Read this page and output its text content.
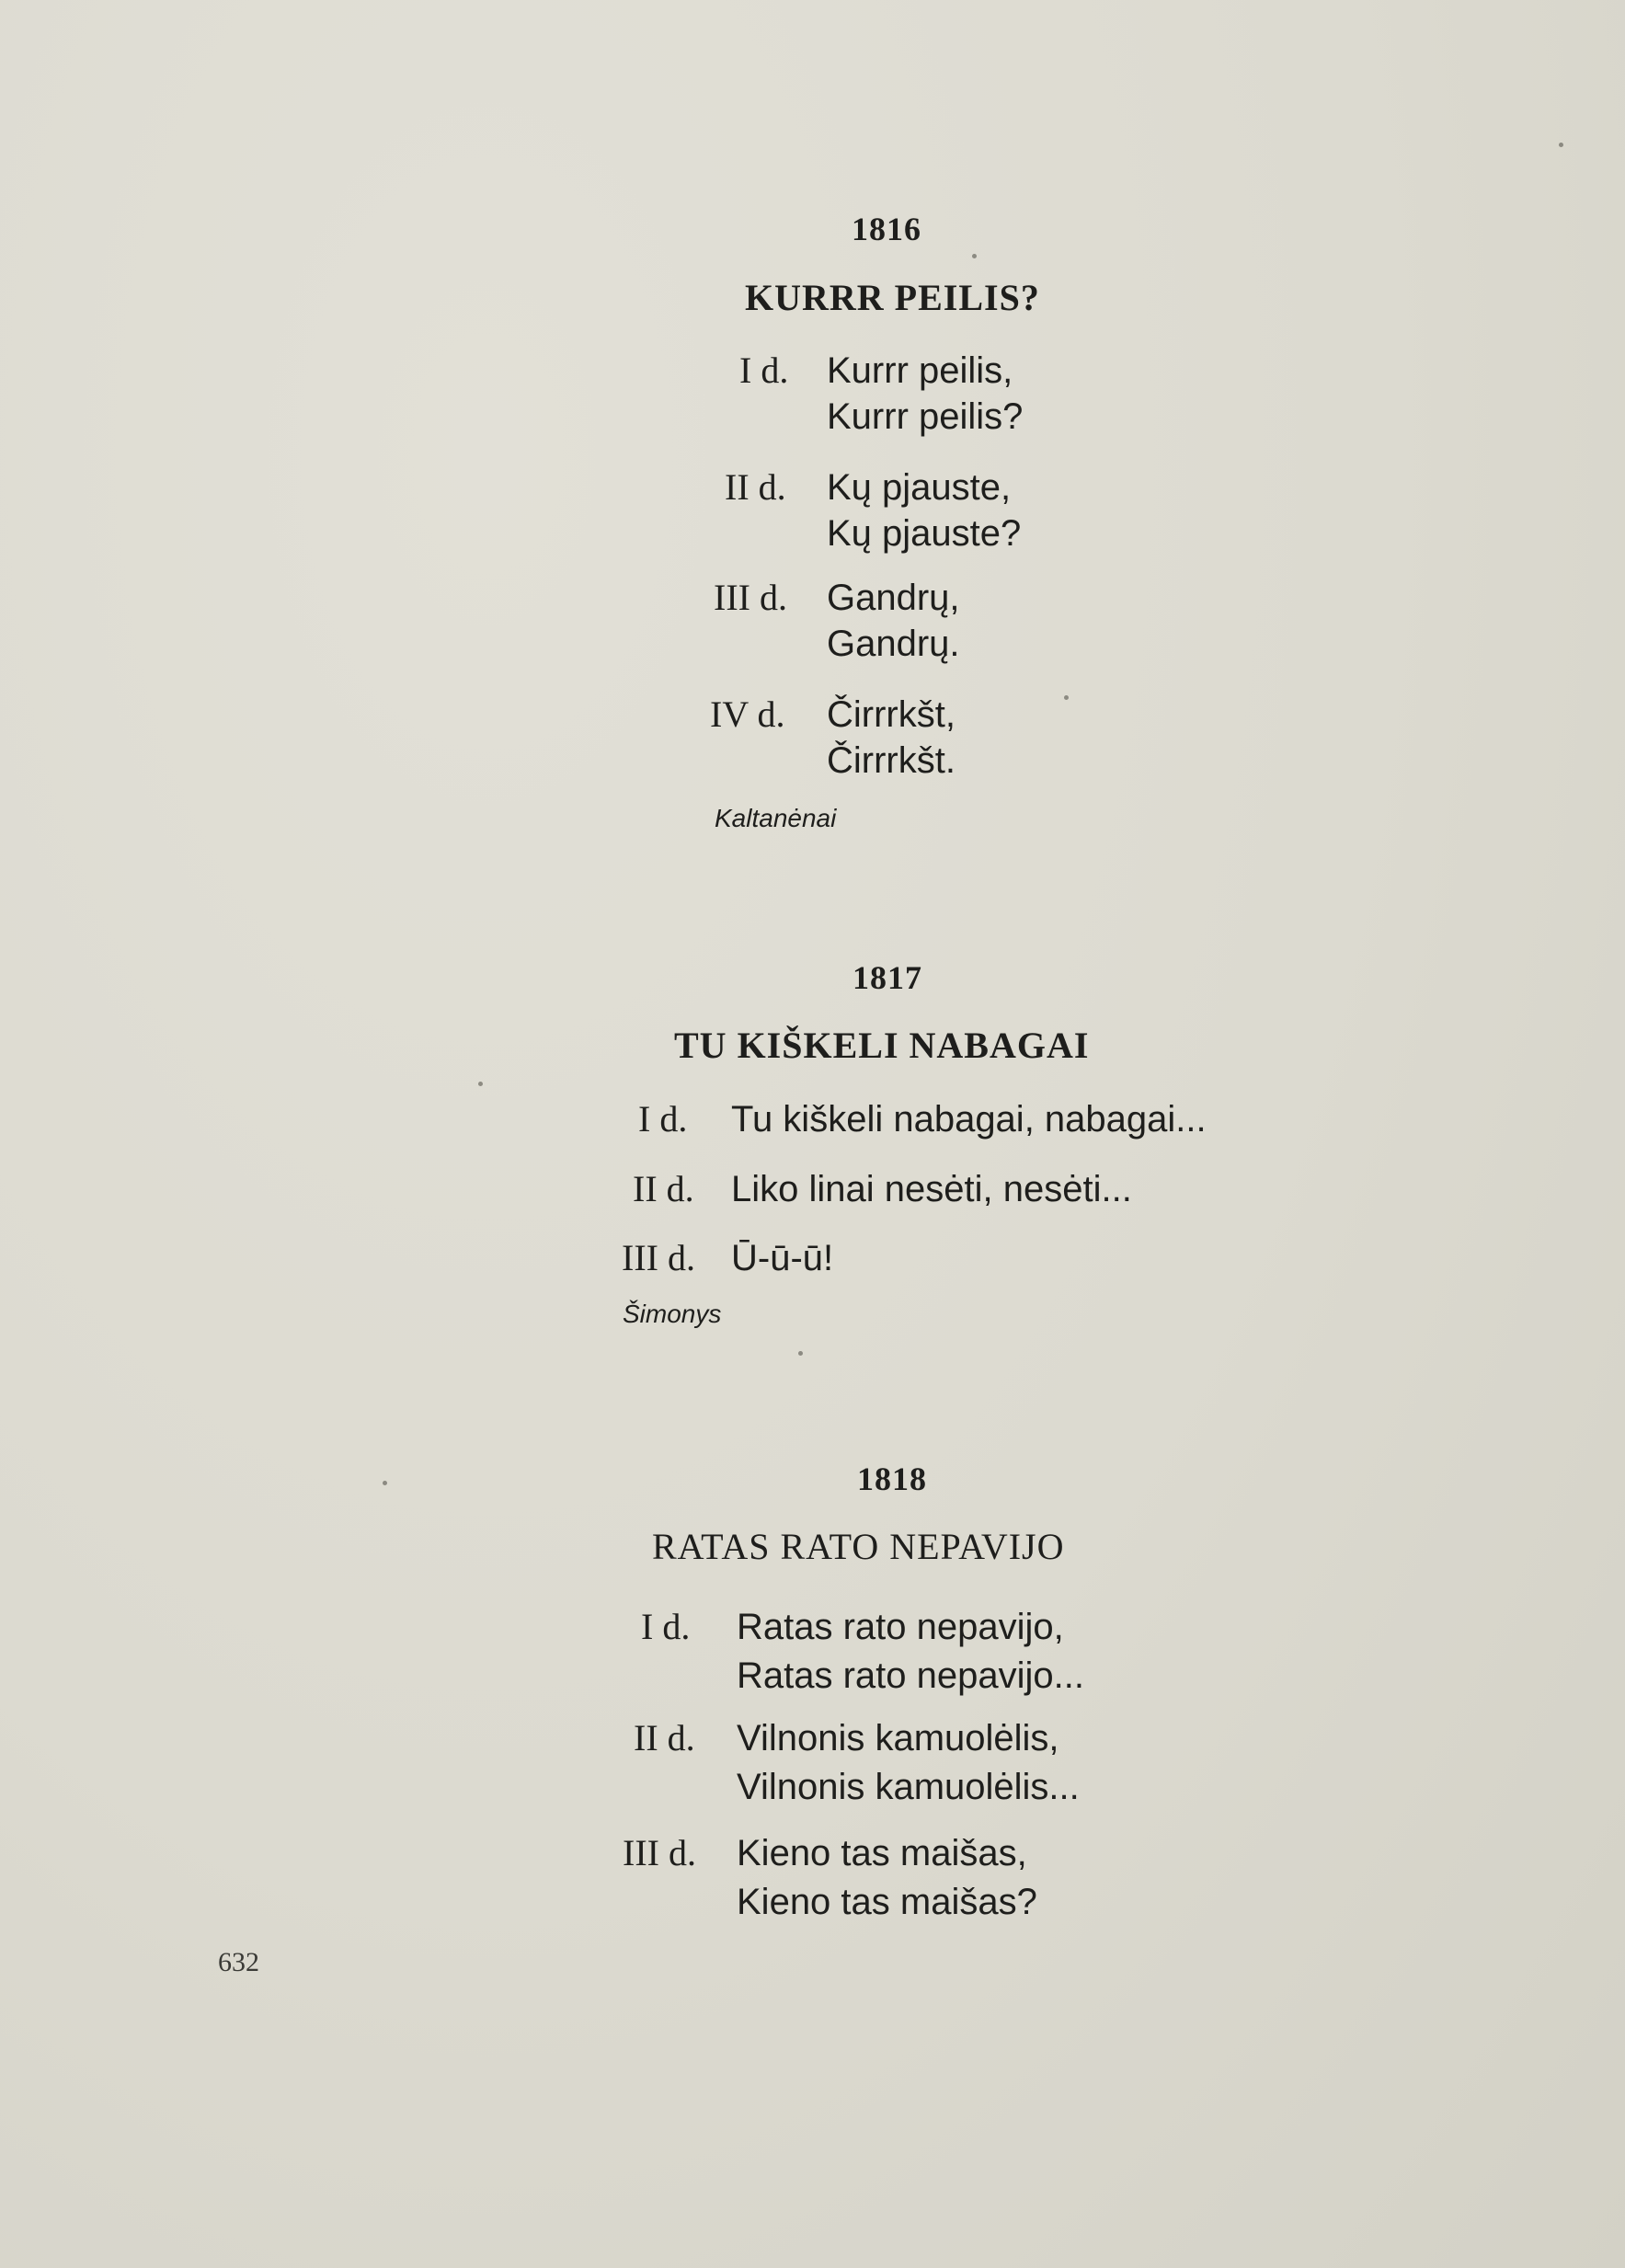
1816
KURRR PEILIS?
I d. Kurrr peilis,
Kurrr peilis?
II d. Kų pjauste,
Kų pjauste?
III d. Gandrų,
Gandrų.
IV d. Čirrrkšt,
Čirrrkšt.
Kaltanėnai
1817
TU KIŠKELI NABAGAI
I d. Tu kiškeli nabagai, nabagai...
II d. Liko linai nesėti, nesėti...
III d. Ū-ū-ū!
Šimonys
1818
RATAS RATO NEPAVIJO
I d. Ratas rato nepavijo,
Ratas rato nepavijo...
II d. Vilnonis kamuolėlis,
Vilnonis kamuolėlis...
III d. Kieno tas maišas,
Kieno tas maišas?
632
